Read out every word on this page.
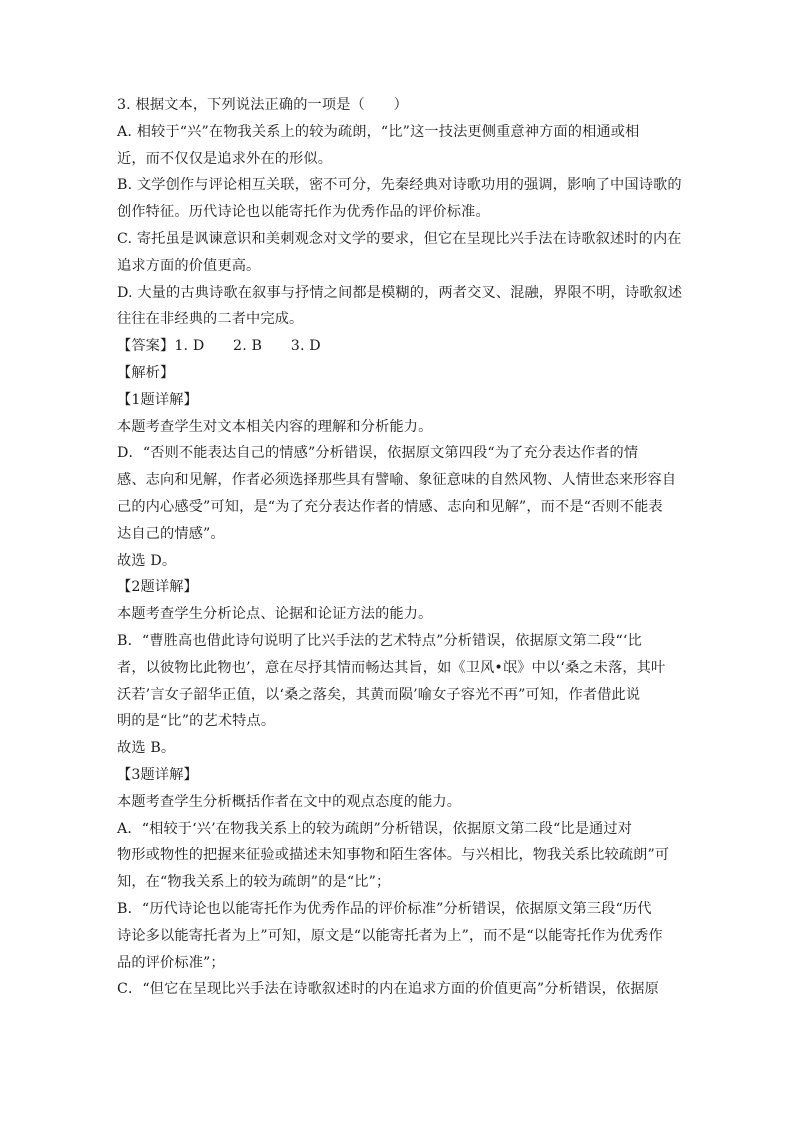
3. 根据文本，下列说法正确的一项是（　　）
A. 相较于“兴”在物我关系上的较为疏朗，“比”这一技法更侧重意神方面的相通或相
近，而不仅仅是追求外在的形似。
B. 文学创作与评论相互关联，密不可分，先秦经典对诗歌功用的强调，影响了中国诗歌的
创作特征。历代诗论也以能寄托作为优秀作品的评价标准。
C. 寄托虽是讽谏意识和美刺观念对文学的要求，但它在呈现比兴手法在诗歌叙述时的内在
追求方面的价值更高。
D. 大量的古典诗歌在叙事与抒情之间都是模糊的，两者交叉、混融，界限不明，诗歌叙述
往往在非经典的二者中完成。
【答案】1. D　　2. B　　3. D
【解析】
【1题详解】
本题考查学生对文本相关内容的理解和分析能力。
D．“否则不能表达自己的情感”分析错误，依据原文第四段“为了充分表达作者的情
感、志向和见解，作者必须选择那些具有譬喻、象征意味的自然风物、人情世态来形容自
己的内心感受”可知，是“为了充分表达作者的情感、志向和见解”，而不是“否则不能表
达自己的情感”。
故选 D。
【2题详解】
本题考查学生分析论点、论据和论证方法的能力。
B．“曹胜高也借此诗句说明了比兴手法的艺术特点”分析错误，依据原文第二段“‘比
者，以彼物比此物也’，意在尽抒其情而畅达其旨，如《卫风•氓》中以‘桑之未落，其叶
沃若’言女子韶华正值，以‘桑之落矣，其黄而陨’喻女子容光不再”可知，作者借此说
明的是“比”的艺术特点。
故选 B。
【3题详解】
本题考查学生分析概括作者在文中的观点态度的能力。
A．“相较于‘兴’在物我关系上的较为疏朗”分析错误，依据原文第二段“比是通过对
物形或物性的把握来征验或描述未知事物和陌生客体。与兴相比，物我关系比较疏朗”可
知，在“物我关系上的较为疏朗”的是“比”；
B．“历代诗论也以能寄托作为优秀作品的评价标准”分析错误，依据原文第三段“历代
诗论多以能寄托者为上”可知，原文是“以能寄托者为上”，而不是“以能寄托作为优秀作
品的评价标准”；
C．“但它在呈现比兴手法在诗歌叙述时的内在追求方面的价值更高”分析错误，依据原
